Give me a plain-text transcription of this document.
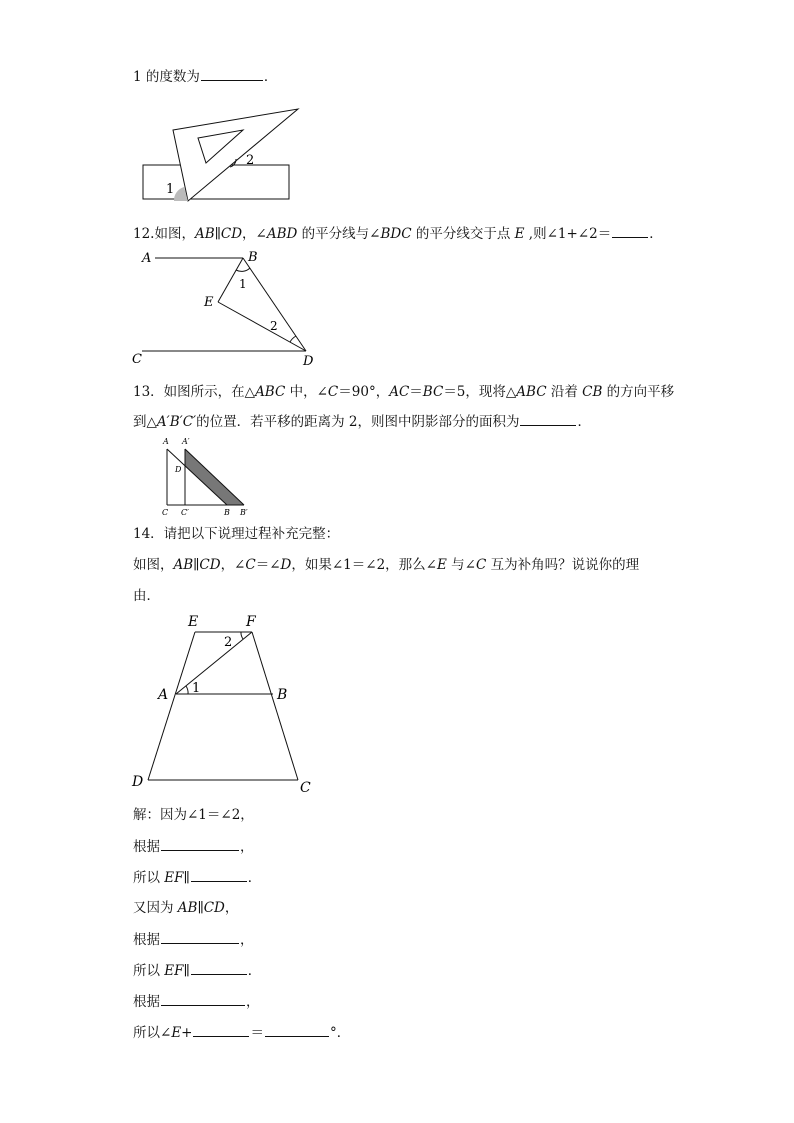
1 的度数为	．
1
2
12.如图，AB∥CD，∠ABD 的平分线与∠BDC 的平分线交于点 E ,则∠1+∠2＝	．
A	B
C	D
E
1
2
13．如图所示，在△ABC 中，∠C＝90°，AC＝BC＝5，现将△ABC 沿着 CB 的方向平移
到△A′B′C′的位置．若平移的距离为 2，则图中阴影部分的面积为	．
A A′
D
C C′	B B′
14．请把以下说理过程补充完整：
如图，AB∥CD，∠C＝∠D，如果∠1＝∠2，那么∠E 与∠C 互为补角吗？说说你的理
由．
E	F
A	B
D	C
1
2
解：因为∠1＝∠2，
根据	，
所以 EF∥	．
又因为 AB∥CD，
根据	，
所以 EF∥	．
根据	，
所以∠E+	＝	°．
